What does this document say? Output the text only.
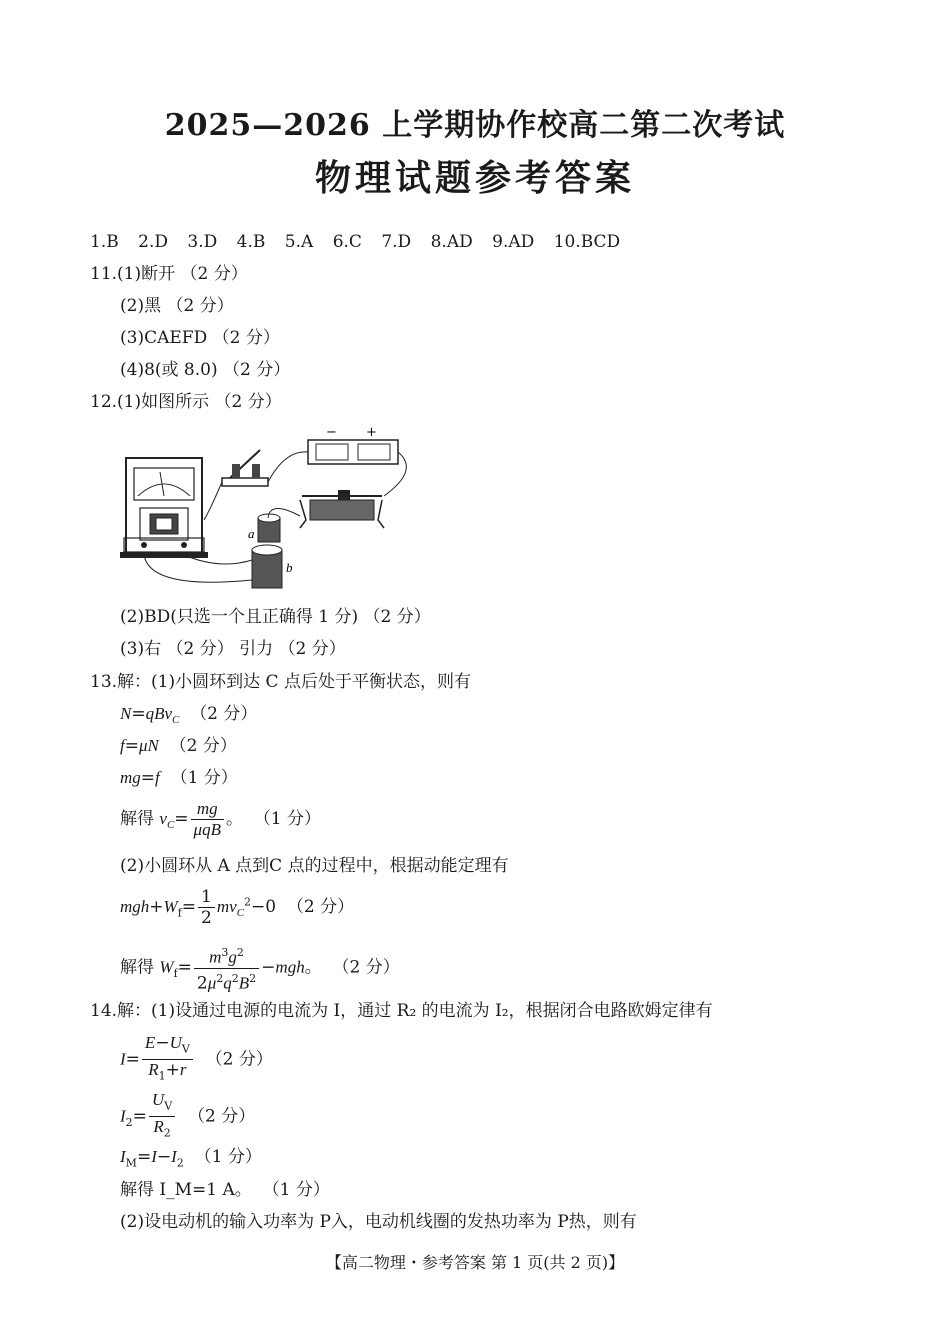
2025—2026 上学期协作校高二第二次考试
物理试题参考答案
1.B 2.D 3.D 4.B 5.A 6.C 7.D 8.AD 9.AD 10.BCD
11.(1)断开 （2 分）
(2)黑 （2 分）
(3)CAEFD （2 分）
(4)8(或 8.0) （2 分）
12.(1)如图所示 （2 分）
− +
a
b
(2)BD(只选一个且正确得 1 分) （2 分）
(3)右 （2 分） 引力 （2 分）
13.解：(1)小圆环到达 C 点后处于平衡状态，则有
N=qBv$_C$ （2 分）
f=μN （2 分）
mg=f （1 分）
解得 $v_C= \frac{mg}{\text{μqB}}$ 。 （1 分）
(2)小圆环从 A 点到C 点的过程中，根据动能定理有
$mgh+W_f= \frac{1}{2} mv_C^2-0$  （2 分）
解得 $W_f= \frac{m^3g^2}{2\mu^2q^2B^2} -mgh$。 （2 分）
14.解：(1)设通过电源的电流为 I，通过 R₂ 的电流为 I₂，根据闭合电路欧姆定律有
$I= \frac{E-U_V}{R_1+r} (2$ 分）
$I_2= \frac{U_V}{R_2} (2$ 分）
$I_M=I-I_2$ （1 分）
解得 I_M=1 A。 （1 分）
(2)设电动机的输入功率为 P入，电动机线圈的发热功率为 P热，则有
【高二物理・参考答案 第 1 页(共 2 页)】
